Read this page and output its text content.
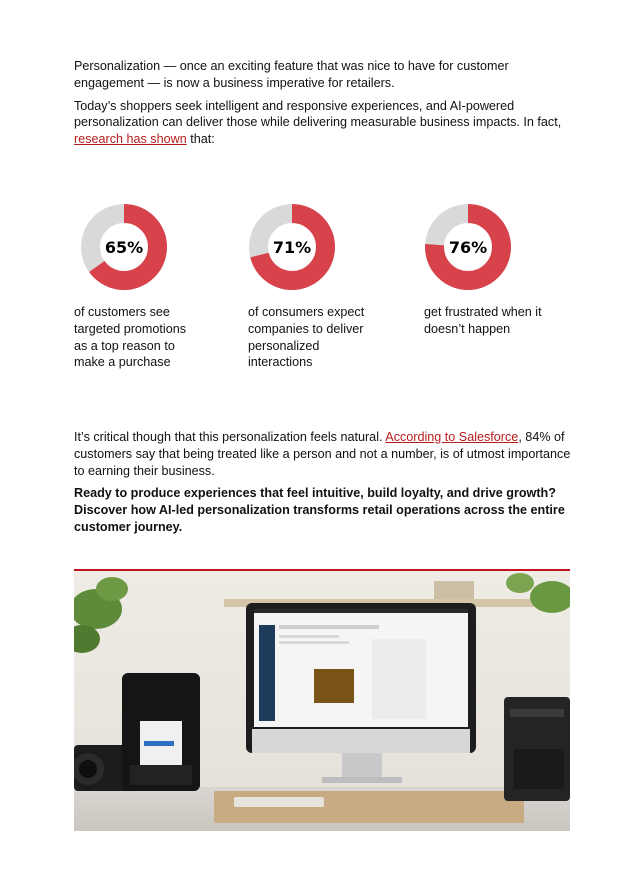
Personalization — once an exciting feature that was nice to have for customer engagement — is now a business imperative for retailers.

Today’s shoppers seek intelligent and responsive experiences, and AI-powered personalization can deliver those while delivering measurable business impacts. In fact, research has shown that:

65%

of customers see
targeted promotions
as a top reason to
make a purchase

71%

of consumers expect
companies to deliver
personalized
interactions

76%

get frustrated when it
doesn’t happen

It’s critical though that this personalization feels natural. According to Salesforce, 84% of customers say that being treated like a person and not a number, is of utmost importance to earning their business.

Ready to produce experiences that feel intuitive, build loyalty, and drive growth? Discover how AI-led personalization transforms retail operations across the entire customer journey.
